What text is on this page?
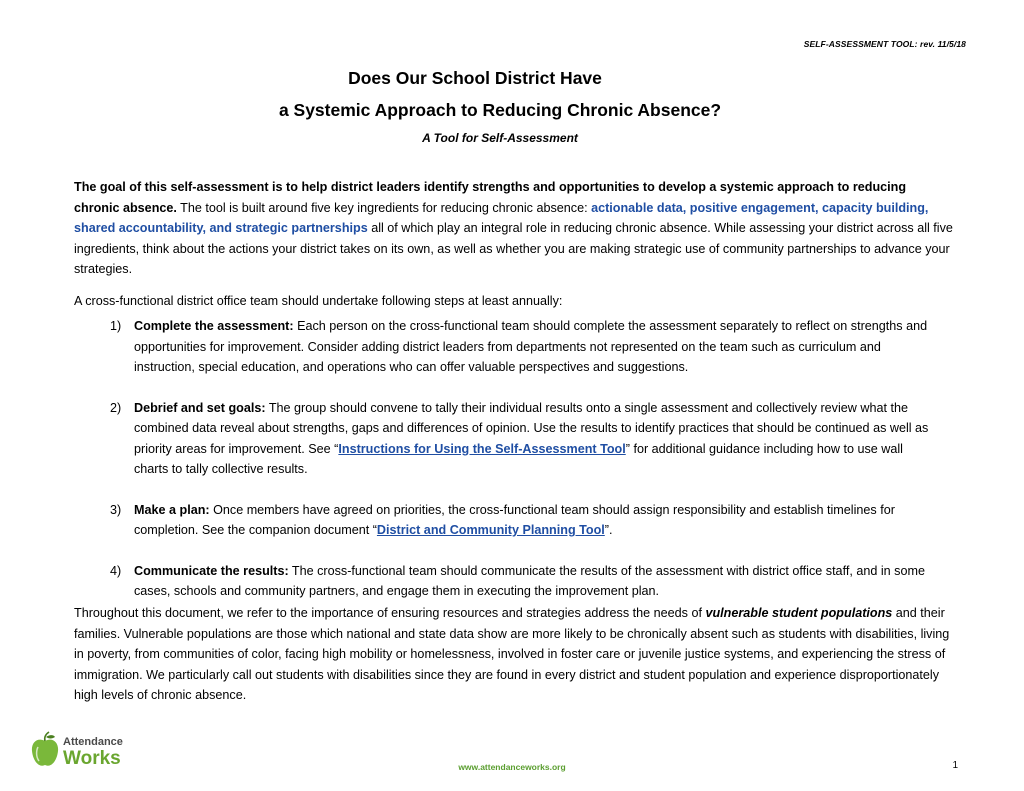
SELF-ASSESSMENT TOOL: rev. 11/5/18
Does Our School District Have
a Systemic Approach to Reducing Chronic Absence?
A Tool for Self-Assessment
The goal of this self-assessment is to help district leaders identify strengths and opportunities to develop a systemic approach to reducing chronic absence. The tool is built around five key ingredients for reducing chronic absence: actionable data, positive engagement, capacity building, shared accountability, and strategic partnerships all of which play an integral role in reducing chronic absence. While assessing your district across all five ingredients, think about the actions your district takes on its own, as well as whether you are making strategic use of community partnerships to advance your strategies.
A cross-functional district office team should undertake following steps at least annually:
1) Complete the assessment: Each person on the cross-functional team should complete the assessment separately to reflect on strengths and opportunities for improvement. Consider adding district leaders from departments not represented on the team such as curriculum and instruction, special education, and operations who can offer valuable perspectives and suggestions.
2) Debrief and set goals: The group should convene to tally their individual results onto a single assessment and collectively review what the combined data reveal about strengths, gaps and differences of opinion. Use the results to identify practices that should be continued as well as priority areas for improvement. See “Instructions for Using the Self-Assessment Tool” for additional guidance including how to use wall charts to tally collective results.
3) Make a plan: Once members have agreed on priorities, the cross-functional team should assign responsibility and establish timelines for completion. See the companion document “District and Community Planning Tool”.
4) Communicate the results: The cross-functional team should communicate the results of the assessment with district office staff, and in some cases, schools and community partners, and engage them in executing the improvement plan.
Throughout this document, we refer to the importance of ensuring resources and strategies address the needs of vulnerable student populations and their families. Vulnerable populations are those which national and state data show are more likely to be chronically absent such as students with disabilities, living in poverty, from communities of color, facing high mobility or homelessness, involved in foster care or juvenile justice systems, and experiencing the stress of immigration. We particularly call out students with disabilities since they are found in every district and student population and experience disproportionately high levels of chronic absence.
Attendance
Works	www.attendanceworks.org	1
